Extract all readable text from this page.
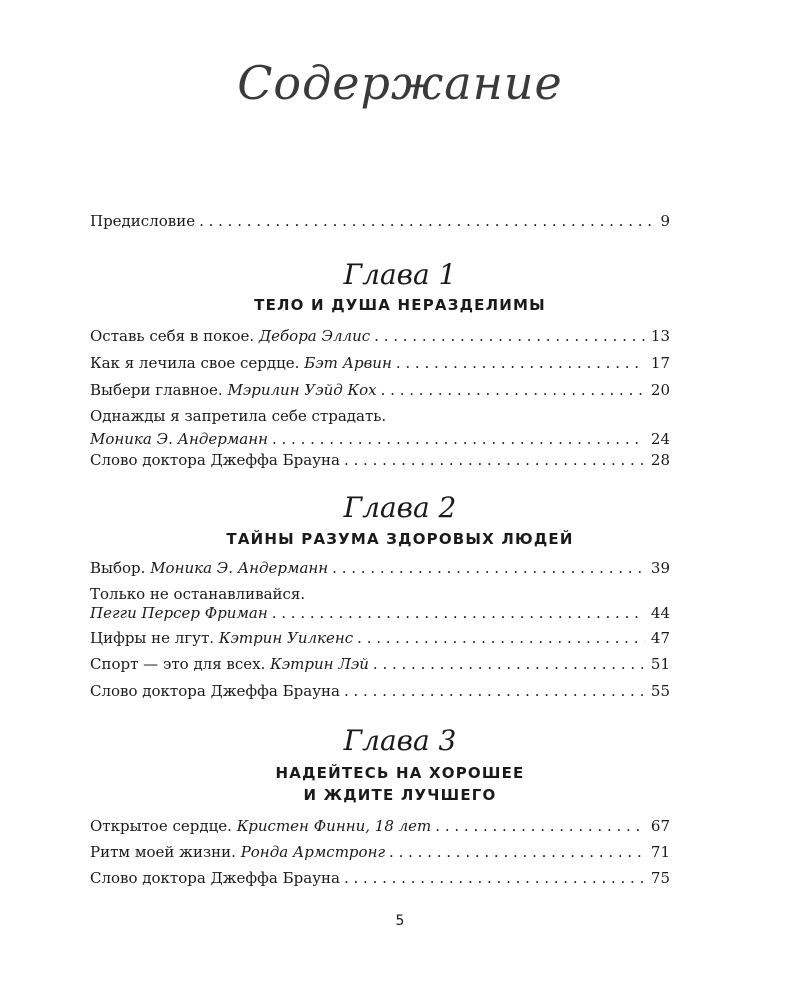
Содержание
Предисловие . . .	9
Глава 1
ТЕЛО И ДУША НЕРАЗДЕЛИМЫ
Оставь себя в покое. Дебора Эллис . . .	13
Как я лечила свое сердце. Бэт Арвин . . .	17
Выбери главное. Мэрилин Уэйд Кох . . .	20
Однажды я запретила себе страдать.
Моника Э. Андерманн . . .	24
Слово доктора Джеффа Брауна . . .	28
Глава 2
ТАЙНЫ РАЗУМА ЗДОРОВЫХ ЛЮДЕЙ
Выбор. Моника Э. Андерманн . . .	39
Только не останавливайся.
Пегги Персер Фриман . . .	44
Цифры не лгут. Кэтрин Уилкенс . . .	47
Спорт — это для всех. Кэтрин Лэй . . .	51
Слово доктора Джеффа Брауна . . .	55
Глава 3
НАДЕЙТЕСЬ НА ХОРОШЕЕ
И ЖДИТЕ ЛУЧШЕГО
Открытое сердце. Кристен Финни, 18 лет . . .	67
Ритм моей жизни. Ронда Армстронг . . .	71
Слово доктора Джеффа Брауна . . .	75
5
